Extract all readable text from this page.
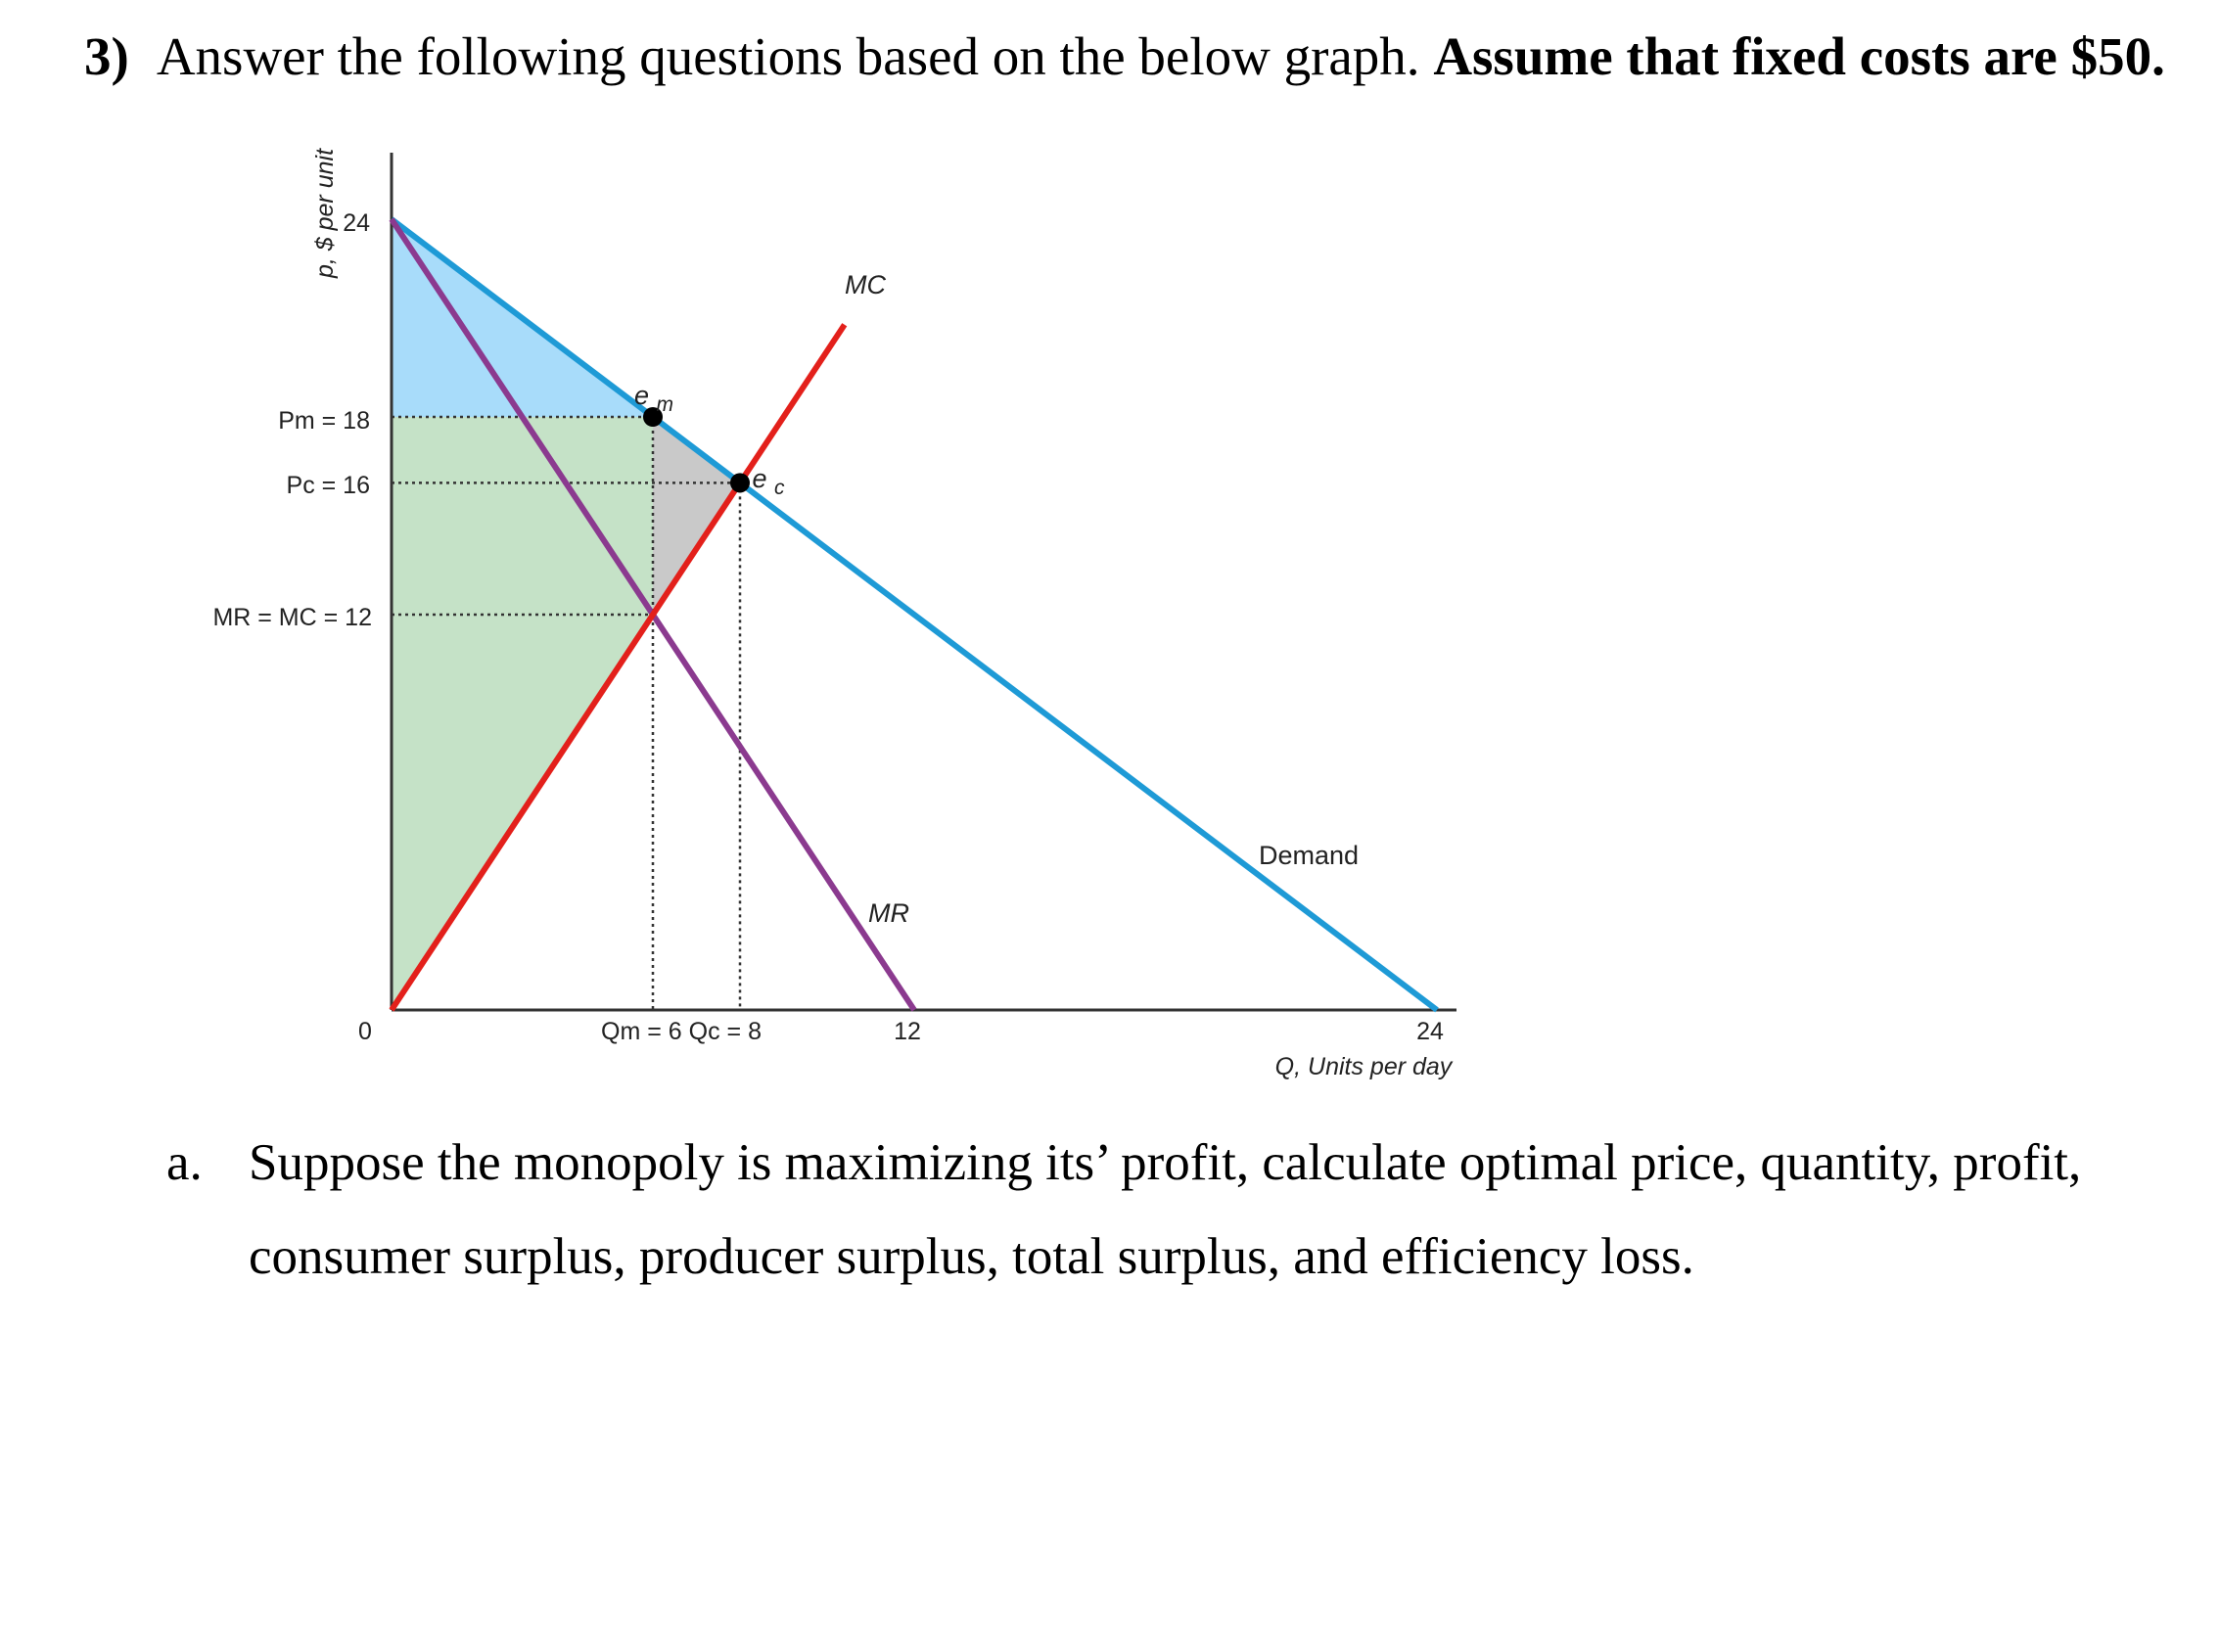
3) Answer the following questions based on the below graph. Assume that fixed costs are $50.
p, $ per unit
Q, Units per day
24
Pm = 18
Pc = 16
MR = MC = 12
0	Qm = 6 Qc = 8	12	24
Demand
MR
MC
e $_m$
e $_c$
a. Suppose the monopoly is maximizing its’ profit, calculate optimal price, quantity, profit, consumer surplus, producer surplus, total surplus, and efficiency loss.
